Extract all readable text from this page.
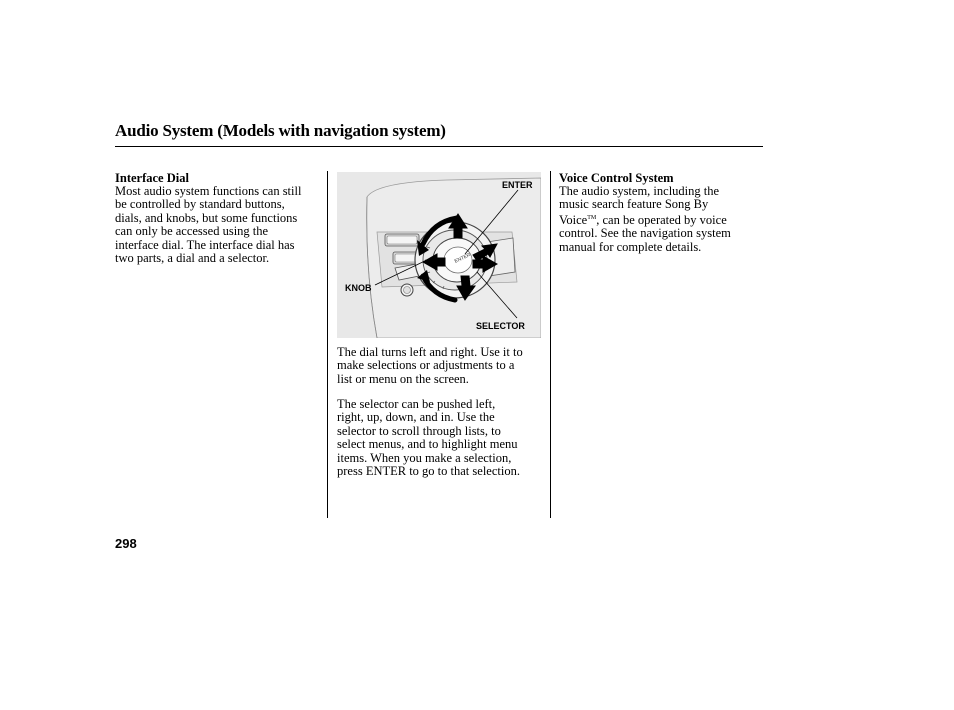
Audio System (Models with navigation system)
Interface Dial
Most audio system functions can still
be controlled by standard buttons,
dials, and knobs, but some functions
can only be accessed using the
interface dial. The interface dial has
two parts, a dial and a selector.	ENTER
ENTER
KNOB
SELECTOR
The dial turns left and right. Use it to
make selections or adjustments to a
list or menu on the screen.
The selector can be pushed left,
right, up, down, and in. Use the
selector to scroll through lists, to
select menus, and to highlight menu
items. When you make a selection,
press ENTER to go to that selection.
Voice Control System
The audio system, including the
music search feature Song By
Voice™, can be operated by voice
control. See the navigation system
manual for complete details.
298
